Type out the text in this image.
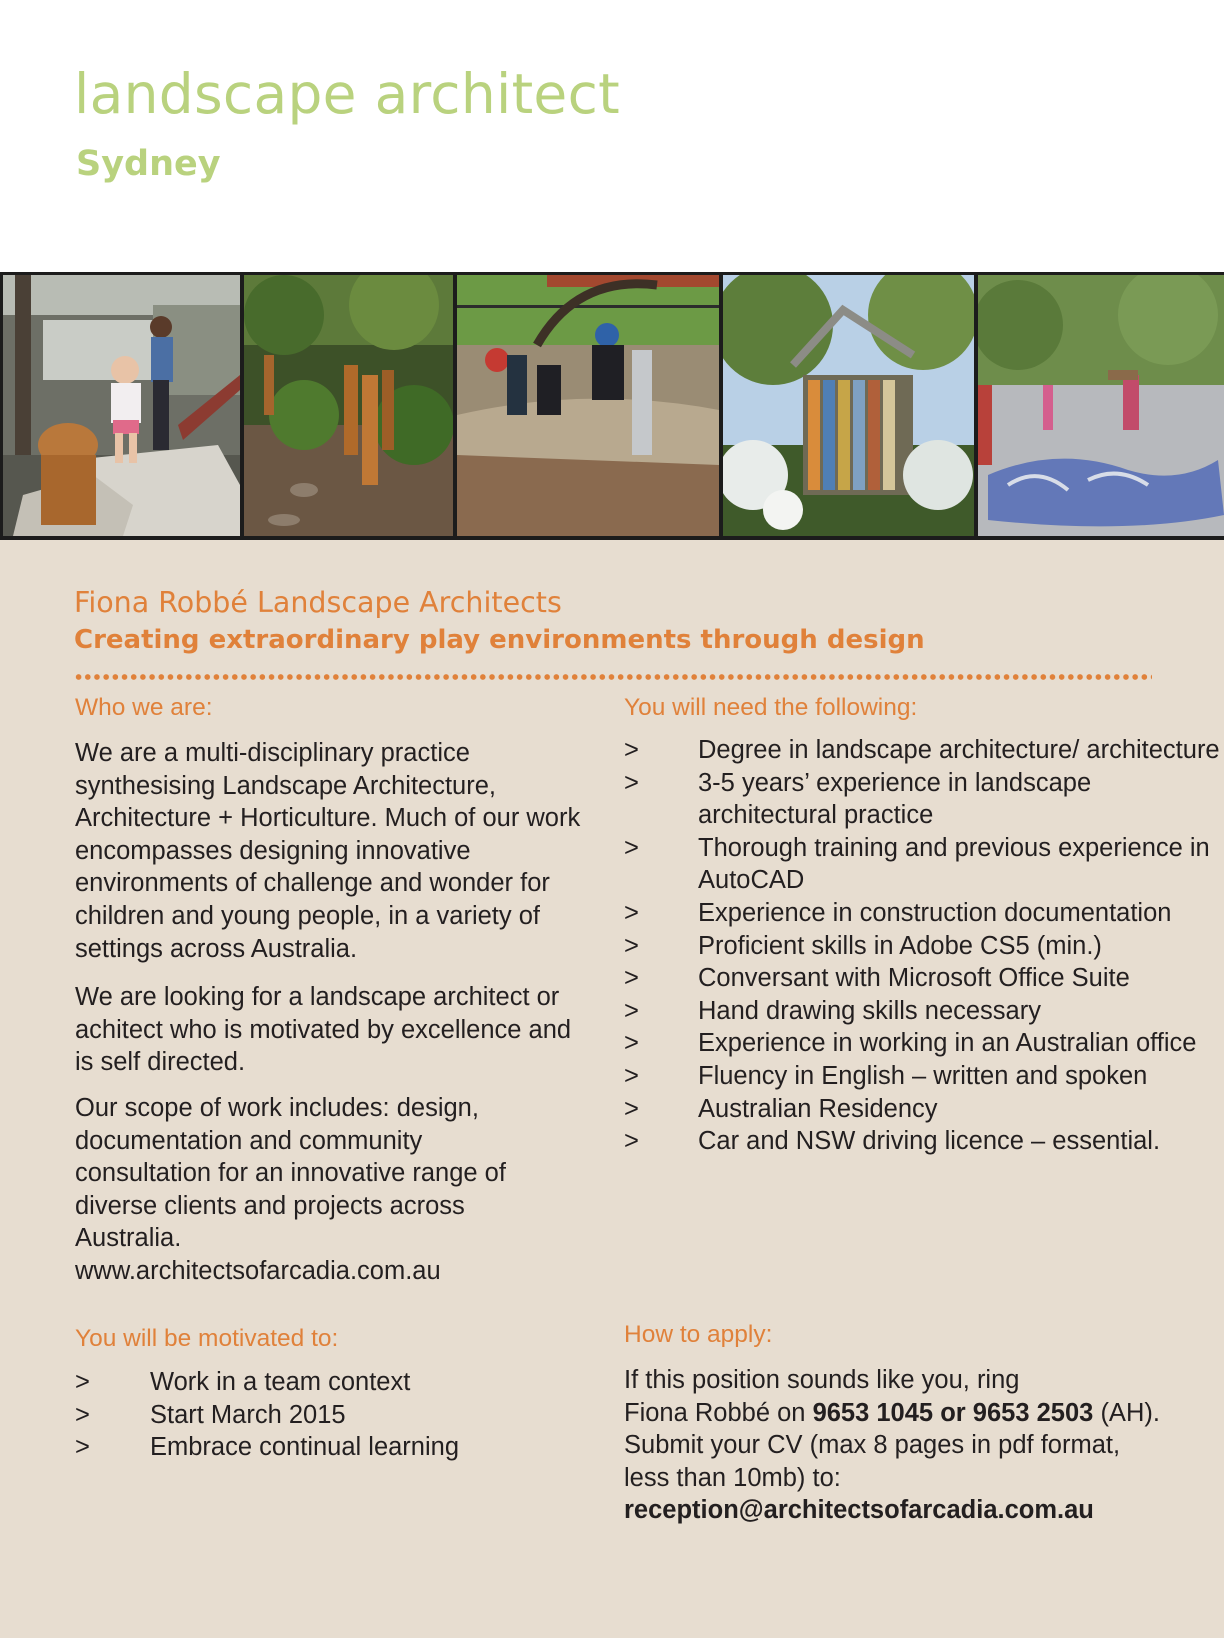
landscape architect
Sydney
Fiona Robbé Landscape Architects
Creating extraordinary play environments through design
Who we are:

We are a multi-disciplinary practice synthesising Landscape Architecture, Architecture + Horticulture. Much of our work encompasses designing innovative environments of challenge and wonder for children and young people, in a variety of settings across Australia.

We are looking for a landscape architect or achitect who is motivated by excellence and is self directed.

Our scope of work includes: design, documentation and community consultation for an innovative range of diverse clients and projects across Australia.

www.architectsofarcadia.com.au
You will be motivated to:
> Work in a team context
> Start March 2015
> Embrace continual learning
You will need the following:
> Degree in landscape architecture/ architecture
> 3-5 years’ experience in landscape architectural practice
> Thorough training and previous experience in AutoCAD
> Experience in construction documentation
> Proficient skills in Adobe CS5 (min.)
> Conversant with Microsoft Office Suite
> Hand drawing skills necessary
> Experience in working in an Australian office
> Fluency in English – written and spoken
> Australian Residency
> Car and NSW driving licence – essential.
How to apply:
If this position sounds like you, ring
Fiona Robbé on 9653 1045 or 9653 2503 (AH).
Submit your CV (max 8 pages in pdf format, less than 10mb) to:
reception@architectsofarcadia.com.au
